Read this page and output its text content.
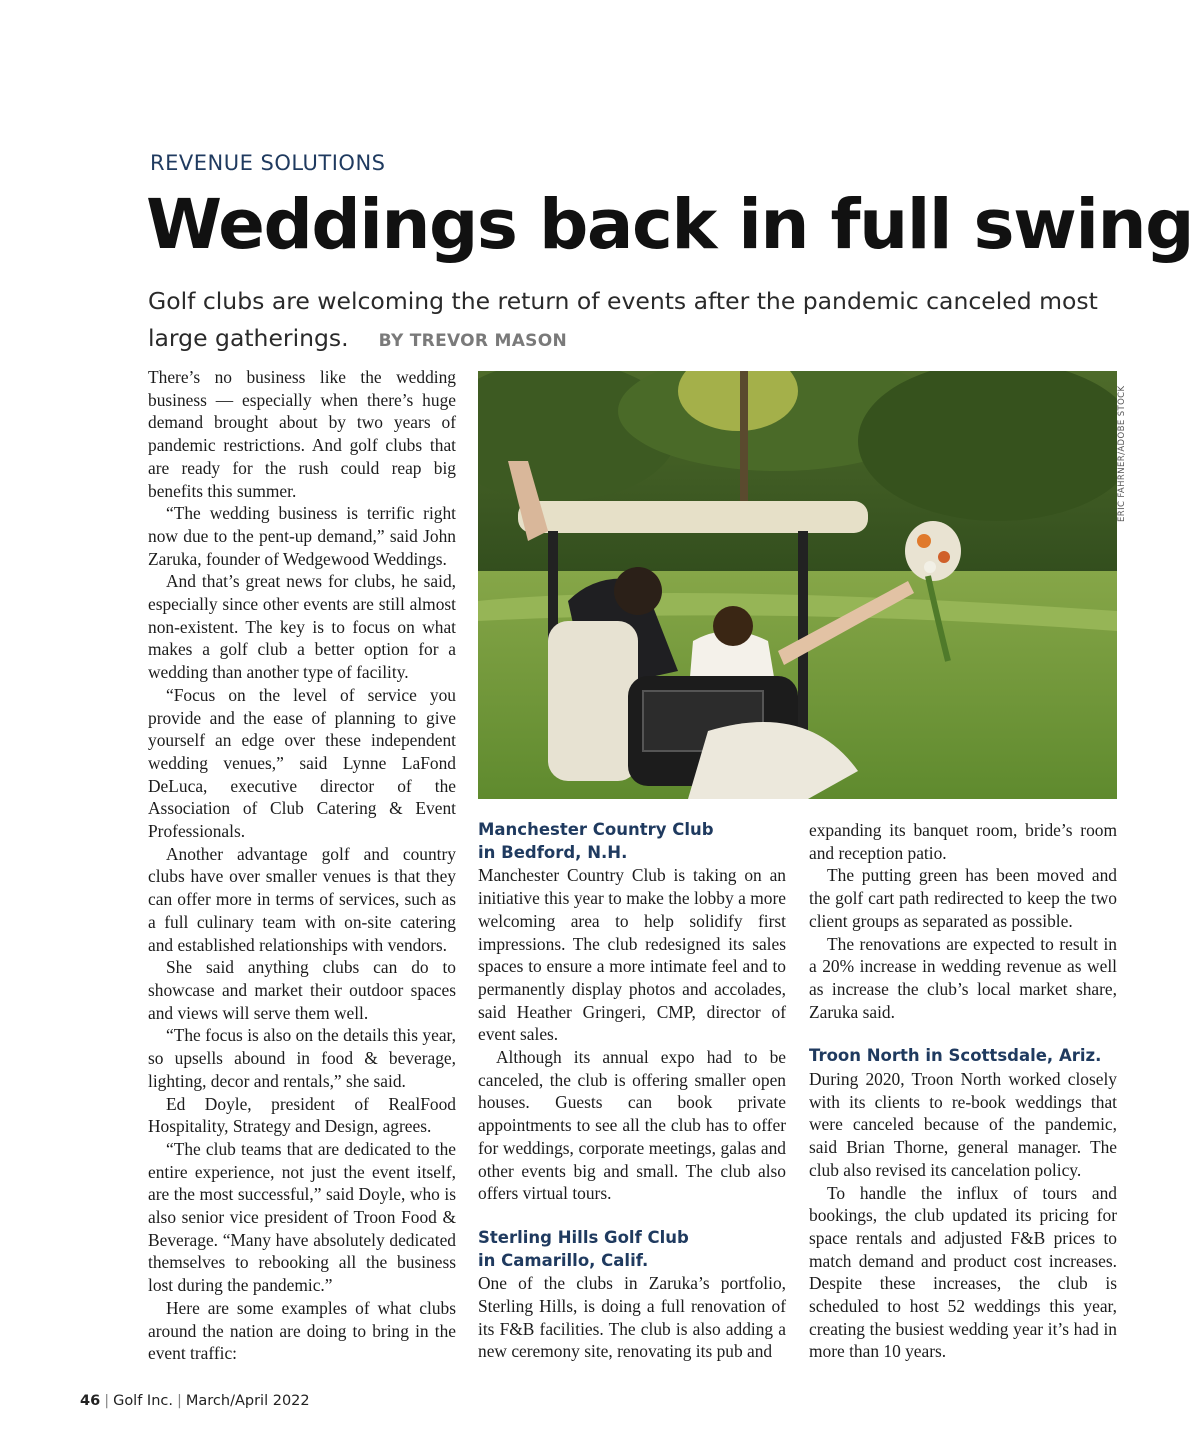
REVENUE SOLUTIONS
Weddings back in full swing
Golf clubs are welcoming the return of events after the pandemic canceled most large gatherings. BY TREVOR MASON

There’s no business like the wedding business — especially when there’s huge demand brought about by two years of pandemic restrictions. And golf clubs that are ready for the rush could reap big benefits this summer.

“The wedding business is terrific right now due to the pent-up demand,” said John Zaruka, founder of Wedgewood Weddings.

And that’s great news for clubs, he said, especially since other events are still almost non-existent. The key is to focus on what makes a golf club a better option for a wedding than another type of facility.

“Focus on the level of service you provide and the ease of planning to give yourself an edge over these independent wedding venues,” said Lynne LaFond DeLuca, executive director of the Association of Club Catering & Event Professionals.

Another advantage golf and country clubs have over smaller venues is that they can offer more in terms of services, such as a full culinary team with on-site catering and established relationships with vendors.

She said anything clubs can do to showcase and market their outdoor spaces and views will serve them well.

“The focus is also on the details this year, so upsells abound in food & beverage, lighting, decor and rentals,” she said.

Ed Doyle, president of RealFood Hospitality, Strategy and Design, agrees.

“The club teams that are dedicated to the entire experience, not just the event itself, are the most successful,” said Doyle, who is also senior vice president of Troon Food & Beverage. “Many have absolutely dedicated themselves to rebooking all the business lost during the pandemic.”

Here are some examples of what clubs around the nation are doing to bring in the event traffic:

ERIC FAHRNER/ADOBE STOCK
Manchester Country Club
in Bedford, N.H.

Manchester Country Club is taking on an initiative this year to make the lobby a more welcoming area to help solidify first impressions. The club redesigned its sales spaces to ensure a more intimate feel and to permanently display photos and accolades, said Heather Gringeri, CMP, director of event sales.

Although its annual expo had to be canceled, the club is offering smaller open houses. Guests can book private appointments to see all the club has to offer for weddings, corporate meetings, galas and other events big and small. The club also offers virtual tours.

Sterling Hills Golf Club
in Camarillo, Calif.

One of the clubs in Zaruka’s portfolio, Sterling Hills, is doing a full renovation of its F&B facilities. The club is also adding a new ceremony site, renovating its pub and

expanding its banquet room, bride’s room and reception patio.

The putting green has been moved and the golf cart path redirected to keep the two client groups as separated as possible.

The renovations are expected to result in a 20% increase in wedding revenue as well as increase the club’s local market share, Zaruka said.

Troon North in Scottsdale, Ariz.

During 2020, Troon North worked closely with its clients to re-book weddings that were canceled because of the pandemic, said Brian Thorne, general manager. The club also revised its cancelation policy.

To handle the influx of tours and bookings, the club updated its pricing for space rentals and adjusted F&B prices to match demand and product cost increases. Despite these increases, the club is scheduled to host 52 weddings this year, creating the busiest wedding year it’s had in more than 10 years.

46 | Golf Inc. | March/April 2022
